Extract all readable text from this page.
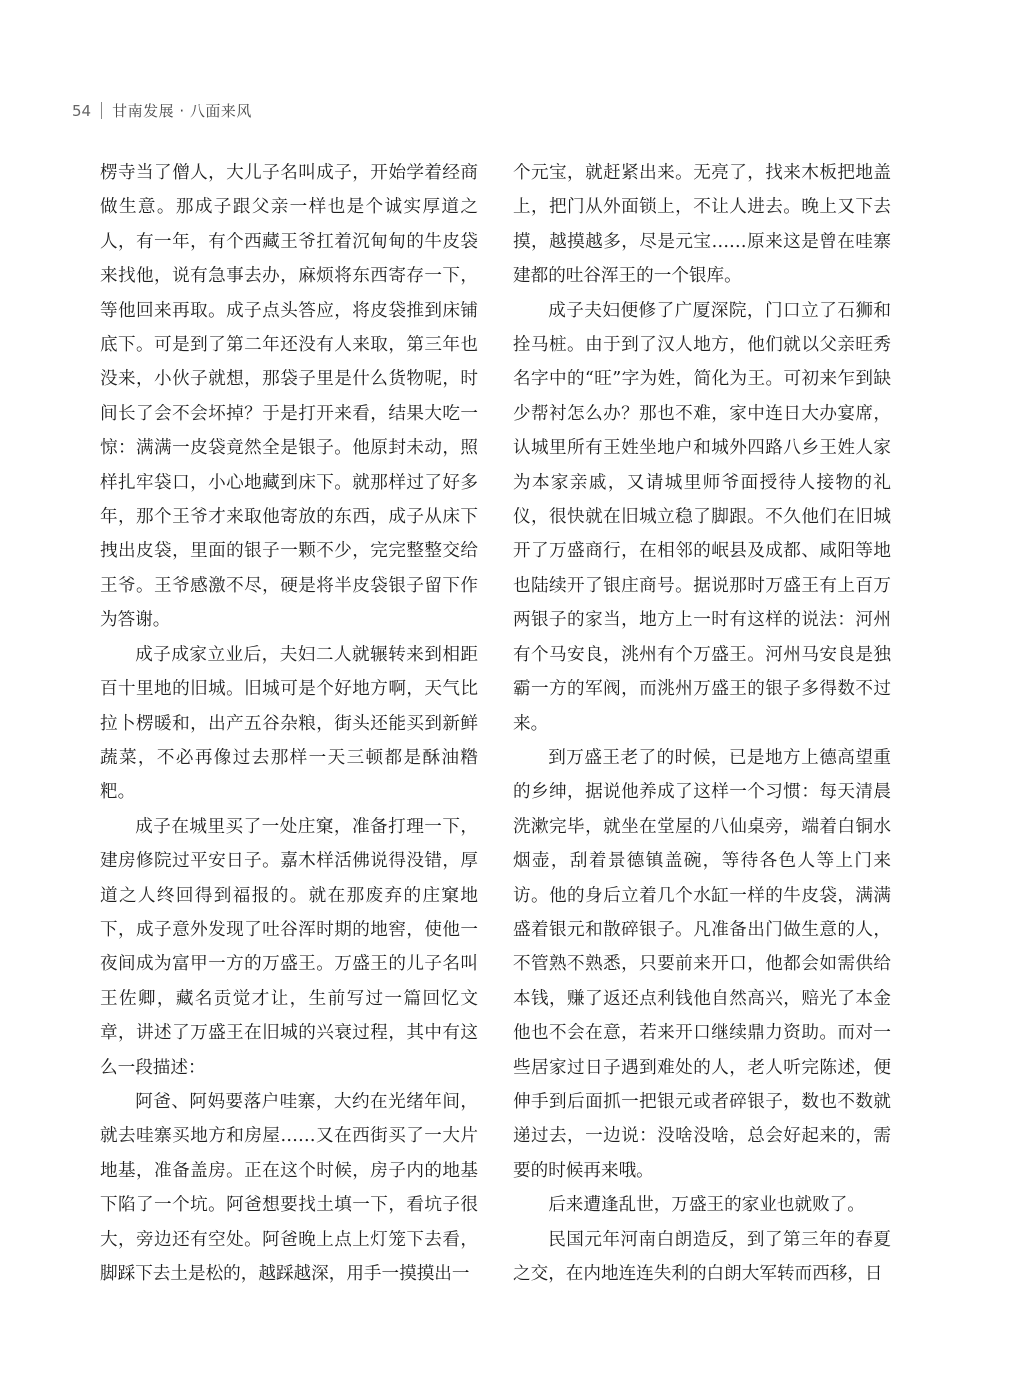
54 甘南发展 · 八面来风

楞寺当了僧人，大儿子名叫成子，开始学着经商做生意。那成子跟父亲一样也是个诚实厚道之人，有一年，有个西藏王爷扛着沉甸甸的牛皮袋来找他，说有急事去办，麻烦将东西寄存一下，等他回来再取。成子点头答应，将皮袋推到床铺底下。可是到了第二年还没有人来取，第三年也没来，小伙子就想，那袋子里是什么货物呢，时间长了会不会坏掉？于是打开来看，结果大吃一惊：满满一皮袋竟然全是银子。他原封未动，照样扎牢袋口，小心地藏到床下。就那样过了好多年，那个王爷才来取他寄放的东西，成子从床下拽出皮袋，里面的银子一颗不少，完完整整交给王爷。王爷感激不尽，硬是将半皮袋银子留下作为答谢。

成子成家立业后，夫妇二人就辗转来到相距百十里地的旧城。旧城可是个好地方啊，天气比拉卜楞暖和，出产五谷杂粮，街头还能买到新鲜蔬菜，不必再像过去那样一天三顿都是酥油糌粑。

成子在城里买了一处庄窠，准备打理一下，建房修院过平安日子。嘉木样活佛说得没错，厚道之人终回得到福报的。就在那废弃的庄窠地下，成子意外发现了吐谷浑时期的地窖，使他一夜间成为富甲一方的万盛王。万盛王的儿子名叫王佐卿，藏名贡觉才让，生前写过一篇回忆文章，讲述了万盛王在旧城的兴衰过程，其中有这么一段描述：

阿爸、阿妈要落户哇寨，大约在光绪年间，就去哇寨买地方和房屋……又在西街买了一大片地基，准备盖房。正在这个时候，房子内的地基下陷了一个坑。阿爸想要找土填一下，看坑子很大，旁边还有空处。阿爸晚上点上灯笼下去看，脚踩下去土是松的，越踩越深，用手一摸摸出一

个元宝，就赶紧出来。无亮了，找来木板把地盖上，把门从外面锁上，不让人进去。晚上又下去摸，越摸越多，尽是元宝……原来这是曾在哇寨建都的吐谷浑王的一个银库。

成子夫妇便修了广厦深院，门口立了石狮和拴马桩。由于到了汉人地方，他们就以父亲旺秀名字中的“旺”字为姓，简化为王。可初来乍到缺少帮衬怎么办？那也不难，家中连日大办宴席，认城里所有王姓坐地户和城外四路八乡王姓人家为本家亲戚，又请城里师爷面授待人接物的礼仪，很快就在旧城立稳了脚跟。不久他们在旧城开了万盛商行，在相邻的岷县及成都、咸阳等地也陆续开了银庄商号。据说那时万盛王有上百万两银子的家当，地方上一时有这样的说法：河州有个马安良，洮州有个万盛王。河州马安良是独霸一方的军阀，而洮州万盛王的银子多得数不过来。

到万盛王老了的时候，已是地方上德高望重的乡绅，据说他养成了这样一个习惯：每天清晨洗漱完毕，就坐在堂屋的八仙桌旁，端着白铜水烟壶，刮着景德镇盖碗，等待各色人等上门来访。他的身后立着几个水缸一样的牛皮袋，满满盛着银元和散碎银子。凡准备出门做生意的人，不管熟不熟悉，只要前来开口，他都会如需供给本钱，赚了返还点利钱他自然高兴，赔光了本金他也不会在意，若来开口继续鼎力资助。而对一些居家过日子遇到难处的人，老人听完陈述，便伸手到后面抓一把银元或者碎银子，数也不数就递过去，一边说：没啥没啥，总会好起来的，需要的时候再来哦。

后来遭逢乱世，万盛王的家业也就败了。

民国元年河南白朗造反，到了第三年的春夏之交，在内地连连失利的白朗大军转而西移，日
